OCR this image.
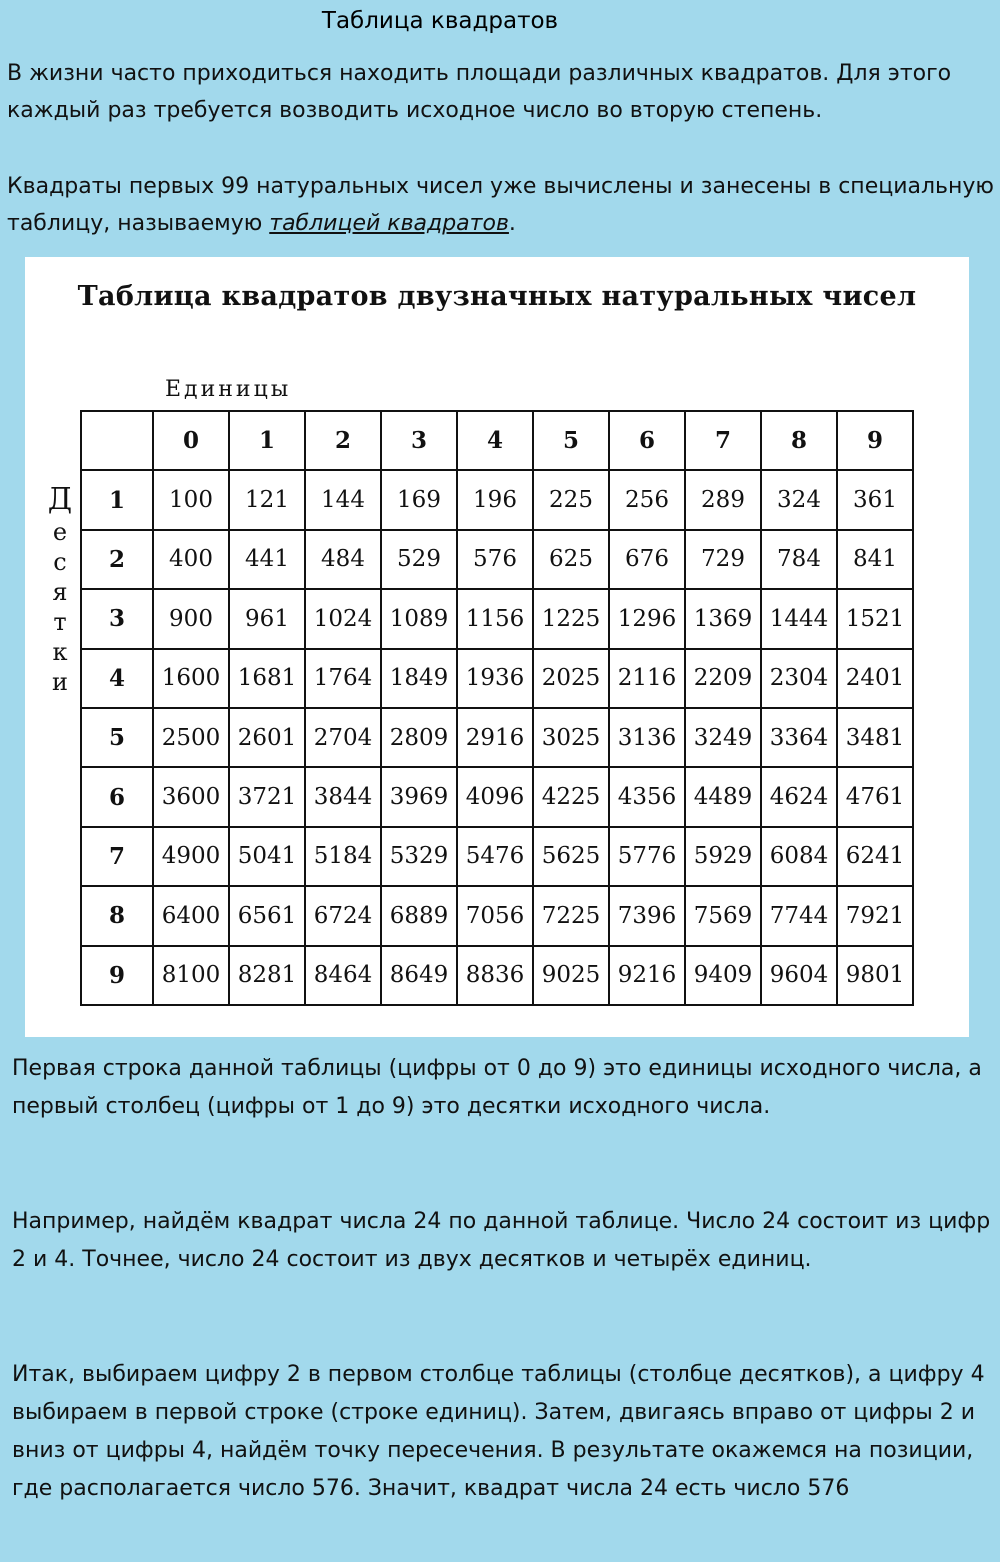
Таблица квадратов

В жизни часто приходиться находить площади различных квадратов. Для этого каждый раз требуется возводить исходное число во вторую степень.

Квадраты первых 99 натуральных чисел уже вычислены и занесены в специальную таблицу, называемую таблицей квадратов.

Таблица квадратов двузначных натуральных чисел
Единицы
Д
е
с
я
т
к
и
	0	1	2	3	4	5	6	7	8	9
1	100	121	144	169	196	225	256	289	324	361
2	400	441	484	529	576	625	676	729	784	841
3	900	961	1024	1089	1156	1225	1296	1369	1444	1521
4	1600	1681	1764	1849	1936	2025	2116	2209	2304	2401
5	2500	2601	2704	2809	2916	3025	3136	3249	3364	3481
6	3600	3721	3844	3969	4096	4225	4356	4489	4624	4761
7	4900	5041	5184	5329	5476	5625	5776	5929	6084	6241
8	6400	6561	6724	6889	7056	7225	7396	7569	7744	7921
9	8100	8281	8464	8649	8836	9025	9216	9409	9604	9801

Первая строка данной таблицы (цифры от 0 до 9) это единицы исходного числа, а первый столбец (цифры от 1 до 9) это десятки исходного числа.

Например, найдём квадрат числа 24 по данной таблице. Число 24 состоит из цифр 2 и 4. Точнее, число 24 состоит из двух десятков и четырёх единиц.

Итак, выбираем цифру 2 в первом столбце таблицы (столбце десятков), а цифру 4 выбираем в первой строке (строке единиц). Затем, двигаясь вправо от цифры 2 и вниз от цифры 4, найдём точку пересечения. В результате окажемся на позиции, где располагается число 576. Значит, квадрат числа 24 есть число 576
